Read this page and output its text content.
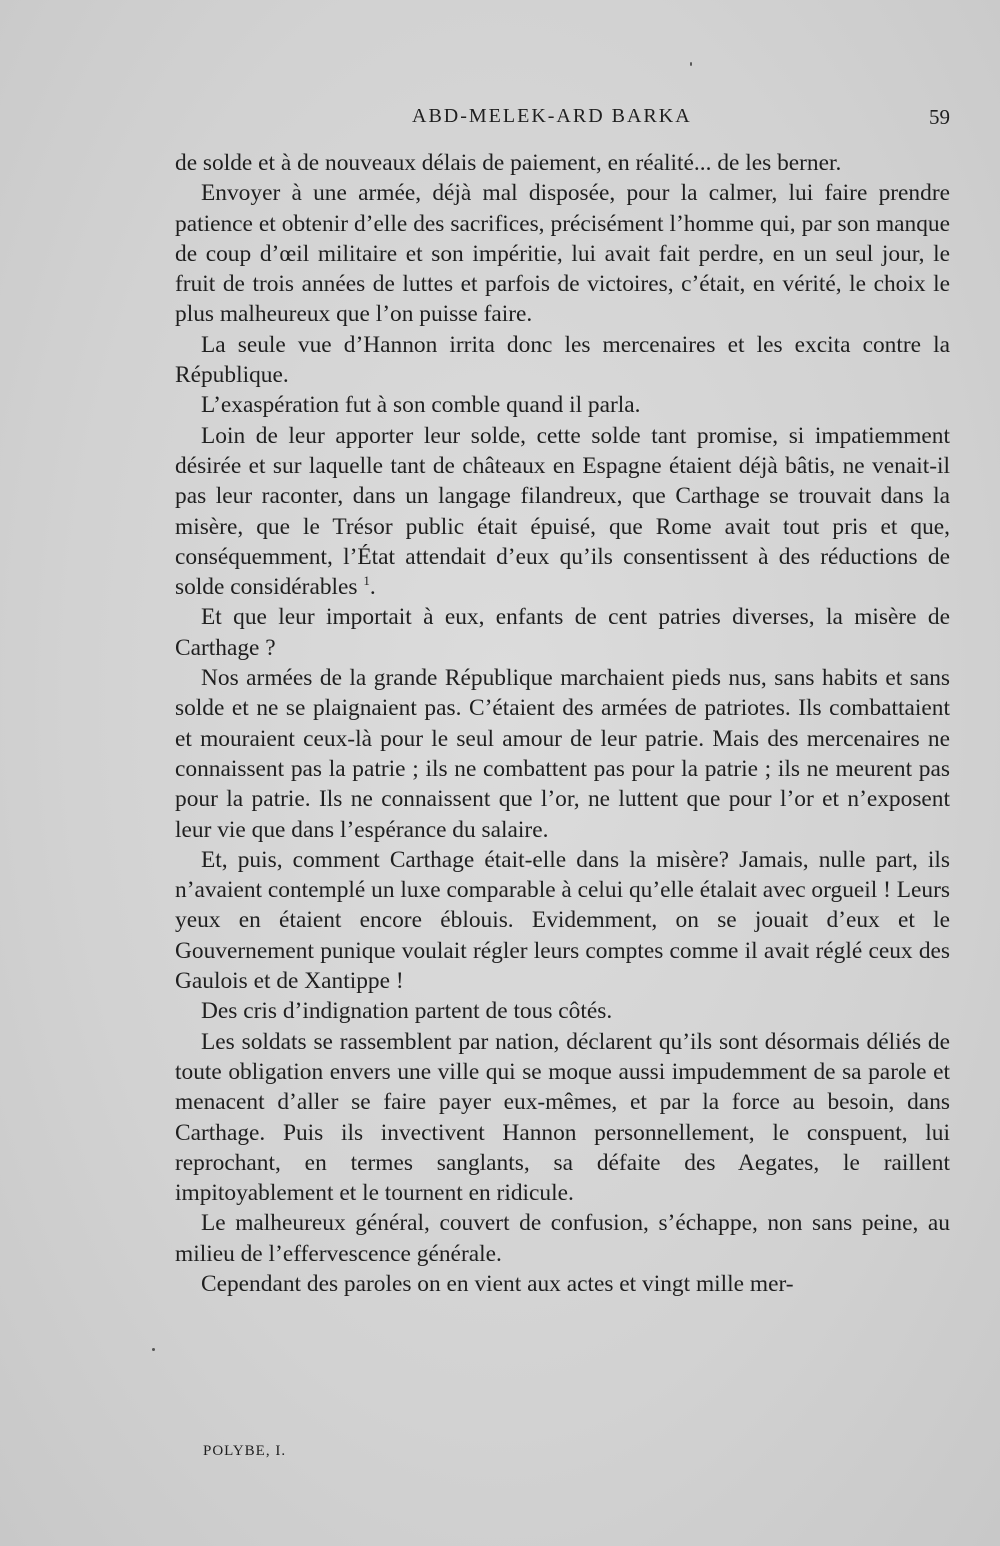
ABD-MELEK-ARD BARKA	59

de solde et à de nouveaux délais de paiement, en réalité... de les berner.

Envoyer à une armée, déjà mal disposée, pour la calmer, lui faire prendre patience et obtenir d’elle des sacrifices, précisément l’homme qui, par son manque de coup d’œil militaire et son impéritie, lui avait fait perdre, en un seul jour, le fruit de trois années de luttes et parfois de victoires, c’était, en vérité, le choix le plus malheureux que l’on puisse faire.

La seule vue d’Hannon irrita donc les mercenaires et les excita contre la République.

L’exaspération fut à son comble quand il parla.

Loin de leur apporter leur solde, cette solde tant promise, si impatiemment désirée et sur laquelle tant de châteaux en Espagne étaient déjà bâtis, ne venait-il pas leur raconter, dans un langage filandreux, que Carthage se trouvait dans la misère, que le Trésor public était épuisé, que Rome avait tout pris et que, conséquemment, l’État attendait d’eux qu’ils consentissent à des réductions de solde considérables $^1$.

Et que leur importait à eux, enfants de cent patries diverses, la misère de Carthage ?

Nos armées de la grande République marchaient pieds nus, sans habits et sans solde et ne se plaignaient pas. C’étaient des armées de patriotes. Ils combattaient et mouraient ceux-là pour le seul amour de leur patrie. Mais des mercenaires ne connaissent pas la patrie ; ils ne combattent pas pour la patrie ; ils ne meurent pas pour la patrie. Ils ne connaissent que l’or, ne luttent que pour l’or et n’exposent leur vie que dans l’espérance du salaire.

Et, puis, comment Carthage était-elle dans la misère? Jamais, nulle part, ils n’avaient contemplé un luxe comparable à celui qu’elle étalait avec orgueil ! Leurs yeux en étaient encore éblouis. Evidemment, on se jouait d’eux et le Gouvernement punique voulait régler leurs comptes comme il avait réglé ceux des Gaulois et de Xantippe !

Des cris d’indignation partent de tous côtés.

Les soldats se rassemblent par nation, déclarent qu’ils sont désormais déliés de toute obligation envers une ville qui se moque aussi impudemment de sa parole et menacent d’aller se faire payer eux-mêmes, et par la force au besoin, dans Carthage. Puis ils invectivent Hannon personnellement, le conspuent, lui reprochant, en termes sanglants, sa défaite des Aegates, le raillent impitoyablement et le tournent en ridicule.

Le malheureux général, couvert de confusion, s’échappe, non sans peine, au milieu de l’effervescence générale.

Cependant des paroles on en vient aux actes et vingt mille mer-

POLYBE, I.
